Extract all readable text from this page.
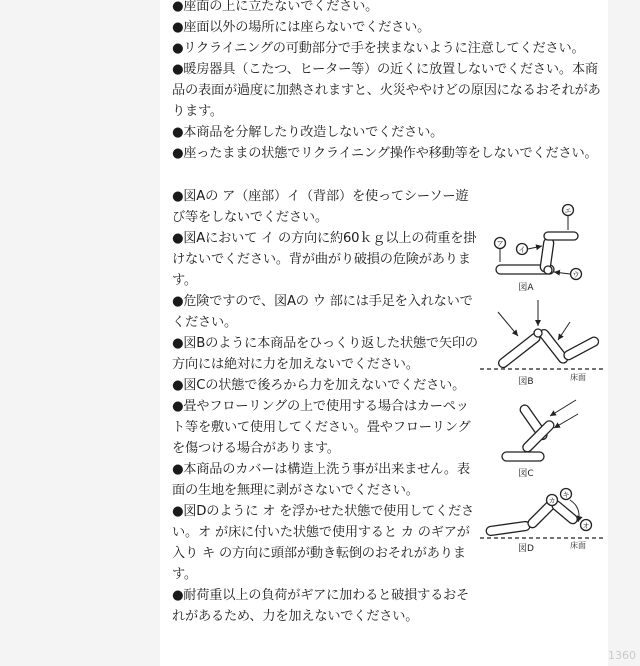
●座面の上に立たないでください。

●座面以外の場所には座らないでください。

●リクライニングの可動部分で手を挟まないように注意してください。

●暖房器具（こたつ、ヒーター等）の近くに放置しないでください。本商品の表面が過度に加熱されますと、火災ややけどの原因になるおそれがあります。

●本商品を分解したり改造しないでください。

●座ったままの状態でリクライニング操作や移動等をしないでください。

●図Aの ア（座部）イ（背部）を使ってシーソー遊び等をしないでください。

●図Aにおいて イ の方向に約60ｋｇ以上の荷重を掛けないでください。背が曲がり破損の危険があります。

●危険ですので、図Aの ウ 部には手足を入れないでください。

●図Bのように本商品をひっくり返した状態で矢印の方向には絶対に力を加えないでください。

●図Cの状態で後ろから力を加えないでください。

●畳やフローリングの上で使用する場合はカーペット等を敷いて使用してください。畳やフローリングを傷つける場合があります。

●本商品のカバーは構造上洗う事が出来ません。表面の生地を無理に剥がさないでください。

●図Dのように オ を浮かせた状態で使用してください。オ が床に付いた状態で使用すると カ のギアが入り キ の方向に頭部が動き転倒のおそれがあります。

●耐荷重以上の負荷がギアに加わると破損するおそれがあるため、力を加えないでください。

ア
イ
ウ
エ
図A
図B	床面
図C
オ
カ
キ
図D	床面
1360
